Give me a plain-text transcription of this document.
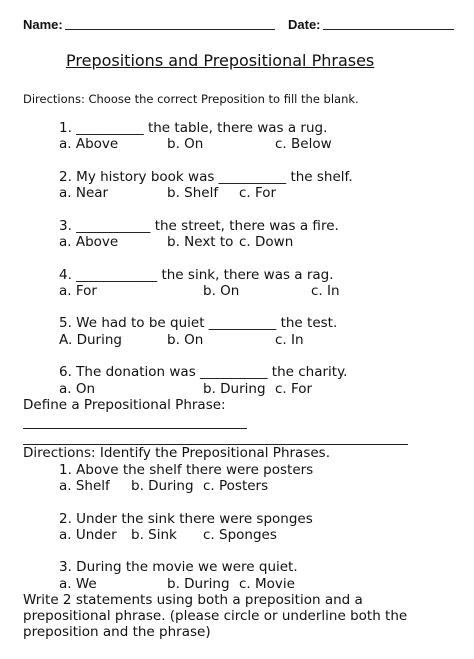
Name:	Date:
Prepositions and Prepositional Phrases
Directions: Choose the correct Preposition to fill the blank.
1. __________ the table, there was a rug.
a. Above	b. On	c. Below
2. My history book was __________ the shelf.
a. Near	b. Shelf c. For
3. ___________ the street, there was a fire.
a. Above	b. Next to c. Down
4. ____________ the sink, there was a rag.
a. For	b. On	c. In
5. We had to be quiet __________ the test.
A. During	b. On	c. In
6. The donation was __________ the charity.
a. On	b. During c. For
Define a Prepositional Phrase:
Directions: Identify the Prepositional Phrases.
1. Above the shelf there were posters
a. Shelf b. During c. Posters
2. Under the sink there were sponges
a. Under b. Sink c. Sponges
3. During the movie we were quiet.
a. We	b. During c. Movie
Write 2 statements using both a preposition and a
prepositional phrase. (please circle or underline both the
preposition and the phrase)
